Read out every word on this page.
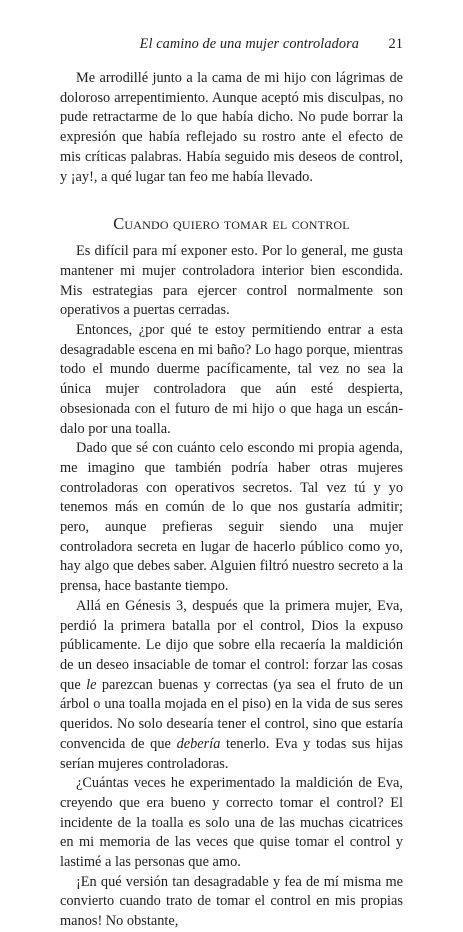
El camino de una mujer controladora 21

Me arrodillé junto a la cama de mi hijo con lágrimas de doloroso arrepentimiento. Aunque aceptó mis disculpas, no pude retractarme de lo que había dicho. No pude borrar la expresión que había reflejado su rostro ante el efecto de mis críticas palabras. Había seguido mis deseos de control, y ¡ay!, a qué lugar tan feo me había llevado.

Cuando quiero tomar el control

Es difícil para mí exponer esto. Por lo general, me gusta mantener mi mujer controladora interior bien escondida. Mis estrategias para ejercer control normalmente son operativos a puertas cerradas.

Entonces, ¿por qué te estoy permitiendo entrar a esta desagradable escena en mi baño? Lo hago porque, mientras todo el mundo duerme pacíficamente, tal vez no sea la única mujer controladora que aún esté despierta, obsesionada con el futuro de mi hijo o que haga un escándalo por una toalla.

Dado que sé con cuánto celo escondo mi propia agenda, me imagino que también podría haber otras mujeres controladoras con operativos secretos. Tal vez tú y yo tenemos más en común de lo que nos gustaría admitir; pero, aunque prefieras seguir siendo una mujer controladora secreta en lugar de hacerlo público como yo, hay algo que debes saber. Alguien filtró nuestro secreto a la prensa, hace bastante tiempo.

Allá en Génesis 3, después que la primera mujer, Eva, perdió la primera batalla por el control, Dios la expuso públicamente. Le dijo que sobre ella recaería la maldición de un deseo insaciable de tomar el control: forzar las cosas que le parezcan buenas y correctas (ya sea el fruto de un árbol o una toalla mojada en el piso) en la vida de sus seres queridos. No solo desearía tener el control, sino que estaría convencida de que debería tenerlo. Eva y todas sus hijas serían mujeres controladoras.

¿Cuántas veces he experimentado la maldición de Eva, creyendo que era bueno y correcto tomar el control? El incidente de la toalla es solo una de las muchas cicatrices en mi memoria de las veces que quise tomar el control y lastimé a las personas que amo.

¡En qué versión tan desagradable y fea de mí misma me convierto cuando trato de tomar el control en mis propias manos! No obstante,
